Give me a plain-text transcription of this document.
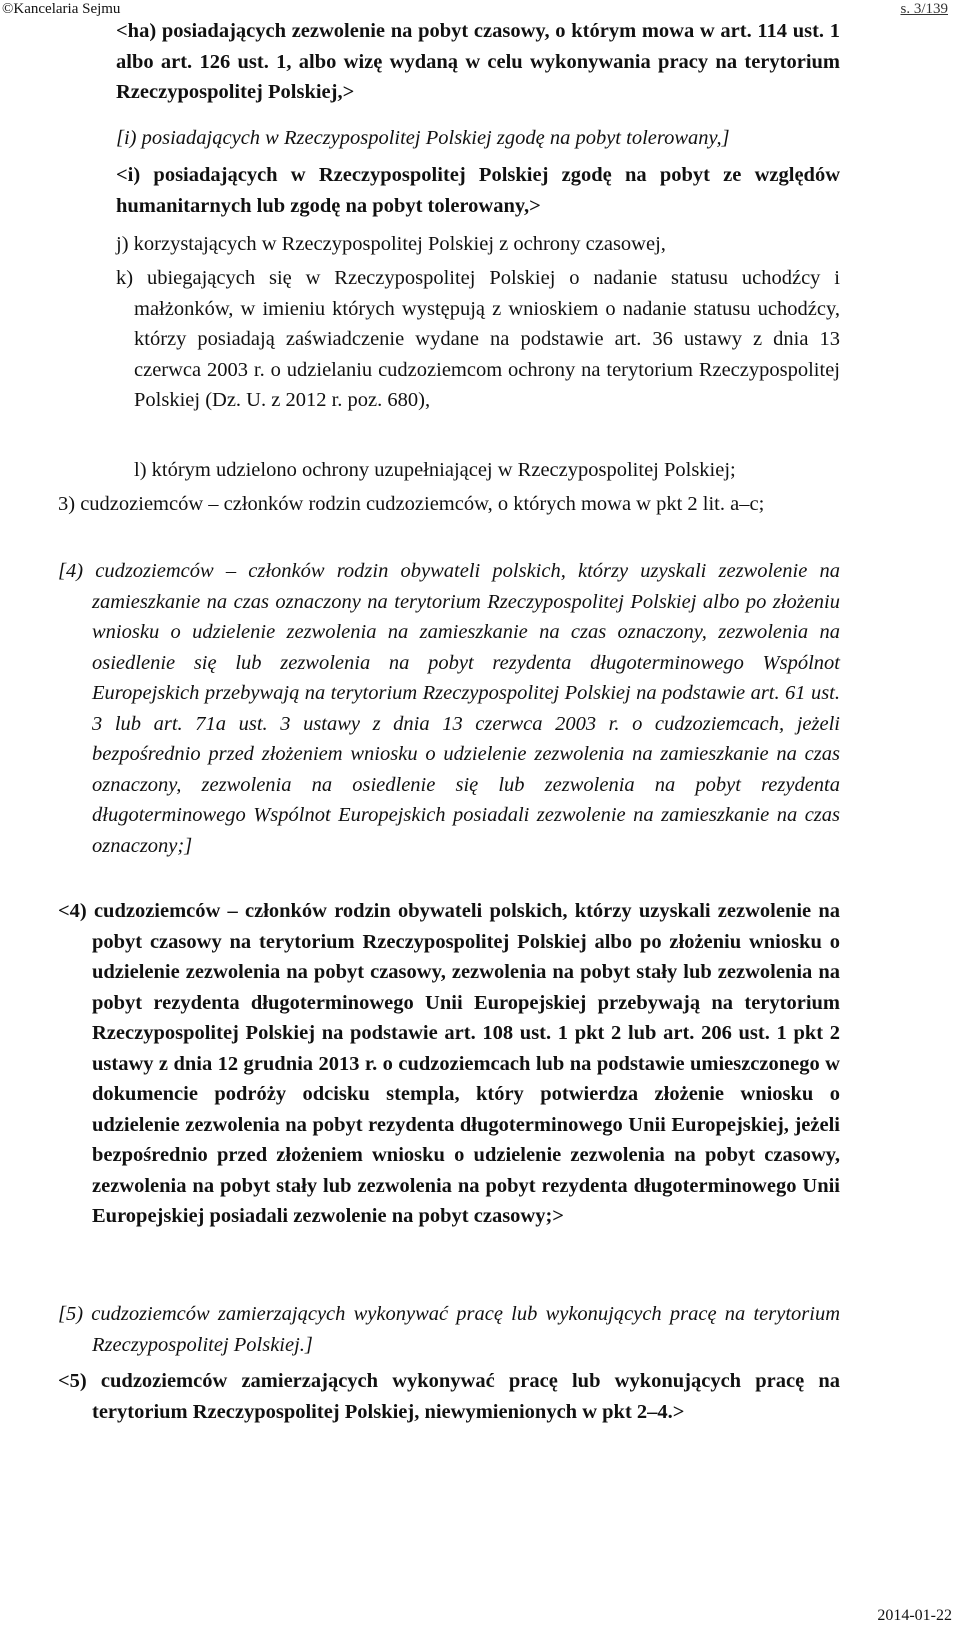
©Kancelaria Sejmu	s. 3/139

<ha) posiadających zezwolenie na pobyt czasowy, o którym mowa w art. 114 ust. 1 albo art. 126 ust. 1, albo wizę wydaną w celu wykonywania pracy na terytorium Rzeczypospolitej Polskiej,>

[i) posiadających w Rzeczypospolitej Polskiej zgodę na pobyt tolerowany,]

<i) posiadających w Rzeczypospolitej Polskiej zgodę na pobyt ze względów humanitarnych lub zgodę na pobyt tolerowany,>

j) korzystających w Rzeczypospolitej Polskiej z ochrony czasowej,

k) ubiegających się w Rzeczypospolitej Polskiej o nadanie statusu uchodźcy i małżonków, w imieniu których występują z wnioskiem o nadanie statusu uchodźcy, którzy posiadają zaświadczenie wydane na podstawie art. 36 ustawy z dnia 13 czerwca 2003 r. o udzielaniu cudzoziemcom ochrony na terytorium Rzeczypospolitej Polskiej (Dz. U. z 2012 r. poz. 680),

l) którym udzielono ochrony uzupełniającej w Rzeczypospolitej Polskiej;

3) cudzoziemców – członków rodzin cudzoziemców, o których mowa w pkt 2 lit. a–c;

[4) cudzoziemców – członków rodzin obywateli polskich, którzy uzyskali zezwolenie na zamieszkanie na czas oznaczony na terytorium Rzeczypospolitej Polskiej albo po złożeniu wniosku o udzielenie zezwolenia na zamieszkanie na czas oznaczony, zezwolenia na osiedlenie się lub zezwolenia na pobyt rezydenta długoterminowego Wspólnot Europejskich przebywają na terytorium Rzeczypospolitej Polskiej na podstawie art. 61 ust. 3 lub art. 71a ust. 3 ustawy z dnia 13 czerwca 2003 r. o cudzoziemcach, jeżeli bezpośrednio przed złożeniem wniosku o udzielenie zezwolenia na zamieszkanie na czas oznaczony, zezwolenia na osiedlenie się lub zezwolenia na pobyt rezydenta długoterminowego Wspólnot Europejskich posiadali zezwolenie na zamieszkanie na czas oznaczony;]

<4) cudzoziemców – członków rodzin obywateli polskich, którzy uzyskali zezwolenie na pobyt czasowy na terytorium Rzeczypospolitej Polskiej albo po złożeniu wniosku o udzielenie zezwolenia na pobyt czasowy, zezwolenia na pobyt stały lub zezwolenia na pobyt rezydenta długoterminowego Unii Europejskiej przebywają na terytorium Rzeczypospolitej Polskiej na podstawie art. 108 ust. 1 pkt 2 lub art. 206 ust. 1 pkt 2 ustawy z dnia 12 grudnia 2013 r. o cudzoziemcach lub na podstawie umieszczonego w dokumencie podróży odcisku stempla, który potwierdza złożenie wniosku o udzielenie zezwolenia na pobyt rezydenta długoterminowego Unii Europejskiej, jeżeli bezpośrednio przed złożeniem wniosku o udzielenie zezwolenia na pobyt czasowy, zezwolenia na pobyt stały lub zezwolenia na pobyt rezydenta długoterminowego Unii Europejskiej posiadali zezwolenie na pobyt czasowy;>

[5) cudzoziemców zamierzających wykonywać pracę lub wykonujących pracę na terytorium Rzeczypospolitej Polskiej.]

<5) cudzoziemców zamierzających wykonywać pracę lub wykonujących pracę na terytorium Rzeczypospolitej Polskiej, niewymienionych w pkt 2–4.>

2014-01-22
